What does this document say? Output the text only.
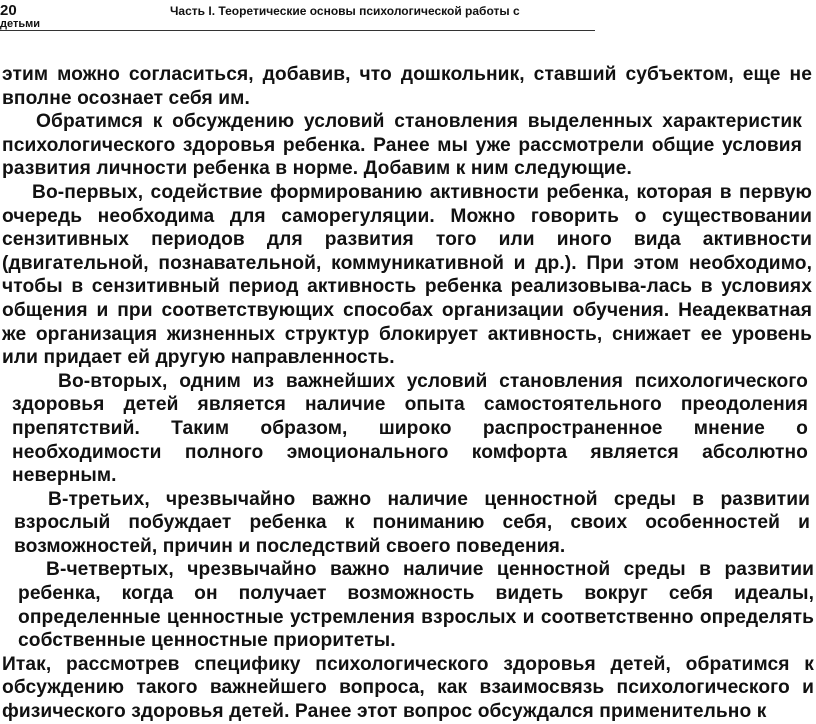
20	Часть I. Теоретические основы психологической работы с
детьми

этим можно согласиться, добавив, что дошкольник, ставший субъектом, еще не вполне осознает себя им.

Обратимся к обсуждению условий становления выделенных характеристик психологического здоровья ребенка. Ранее мы уже рассмотрели общие условия развития личности ребенка в норме. Добавим к ним следующие.

Во-первых, содействие формированию активности ребенка, которая в первую очередь необходима для саморегуляции. Можно говорить о существовании сензитивных периодов для развития того или иного вида активности (двигательной, познавательной, коммуникативной и др.). При этом необходимо, чтобы в сензитивный период активность ребенка реализовыва-лась в условиях общения и при соответствующих способах организации обучения. Неадекватная же организация жизненных структур блокирует активность, снижает ее уровень или придает ей другую направленность.

Во-вторых, одним из важнейших условий становления психологического здоровья детей является наличие опыта самостоятельного преодоления препятствий. Таким образом, широко распространенное мнение о необходимости полного эмоционального комфорта является абсолютно неверным.

В-третьих, чрезвычайно важно наличие ценностной среды в развитии взрослый побуждает ребенка к пониманию себя, своих особенностей и возможностей, причин и последствий своего поведения.

В-четвертых, чрезвычайно важно наличие ценностной среды в развитии ребенка, когда он получает возможность видеть вокруг себя идеалы, определенные ценностные устремления взрослых и соответственно определять собственные ценностные приоритеты.

Итак, рассмотрев специфику психологического здоровья детей, обратимся к обсуждению такого важнейшего вопроса, как взаимосвязь психологического и физического здоровья детей. Ранее этот вопрос обсуждался применительно к
